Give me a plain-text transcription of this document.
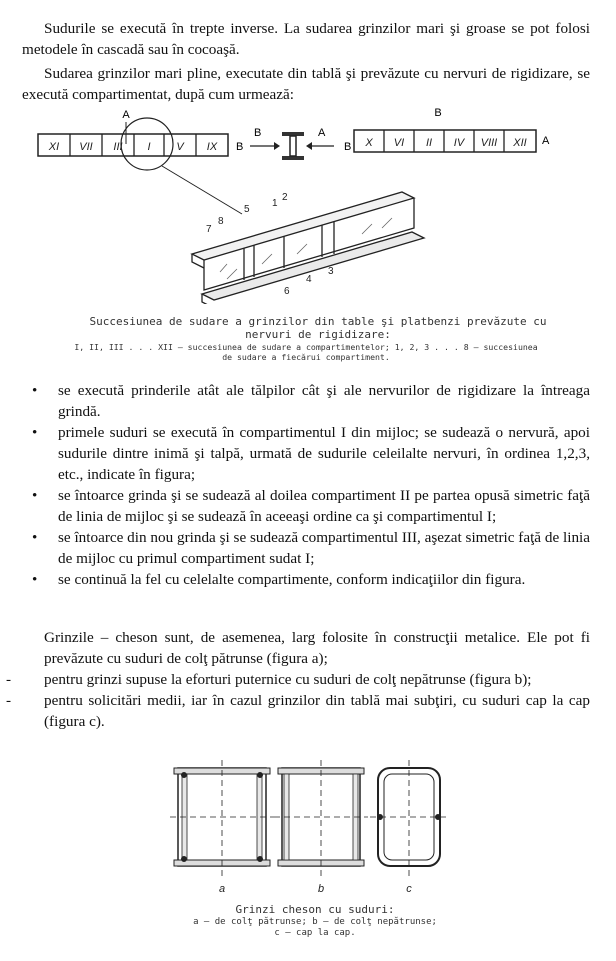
Sudurile se execută în trepte inverse. La sudarea grinzilor mari şi groase se pot folosi metodele în cascadă sau în cocoaşă.

Sudarea grinzilor mari pline, executate din tablă şi prevăzute cu nervuri de rigidizare, se execută compartimentat, după cum urmează:

XI VII III I V IX
A
B
B	A
B
B X VI II IV VIII XII A
1
2
3
4
5
6
7
8

Succesiunea de sudare a grinzilor din table şi platbenzi prevăzute cu

nervuri de rigidizare:

I, II, III . . . XII — succesiunea de sudare a compartimentelor; 1, 2, 3 . . . 8 — succesiunea

de sudare a fiecărui compartiment.

• se execută prinderile atât ale tălpilor cât şi ale nervurilor de rigidizare la întreaga grindă.
• primele suduri se execută în compartimentul I din mijloc; se sudează o nervură, apoi sudurile dintre inimă şi talpă, urmată de sudurile celeilalte nervuri, în ordinea 1,2,3, etc., indicate în figura;
• se întoarce grinda şi se sudează al doilea compartiment II pe partea opusă simetric faţă de linia de mijloc şi se sudează în aceeaşi ordine ca şi compartimentul I;
• se întoarce din nou grinda şi se sudează compartimentul III, aşezat simetric faţă de linia de mijloc cu primul compartiment sudat I;
• se continuă la fel cu celelalte compartimente, conform indicaţiilor din figura.

Grinzile – cheson sunt, de asemenea, larg folosite în construcţii metalice. Ele pot fi prevăzute cu suduri de colţ pătrunse (figura a);

- pentru grinzi supuse la eforturi puternice cu suduri de colţ nepătrunse (figura b);
- pentru solicitări medii, iar în cazul grinzilor din tablă mai subţiri, cu suduri cap la cap (figura c).
a	b	c

Grinzi cheson cu suduri:

a — de colţ pătrunse; b — de colţ nepătrunse;

c — cap la cap.
